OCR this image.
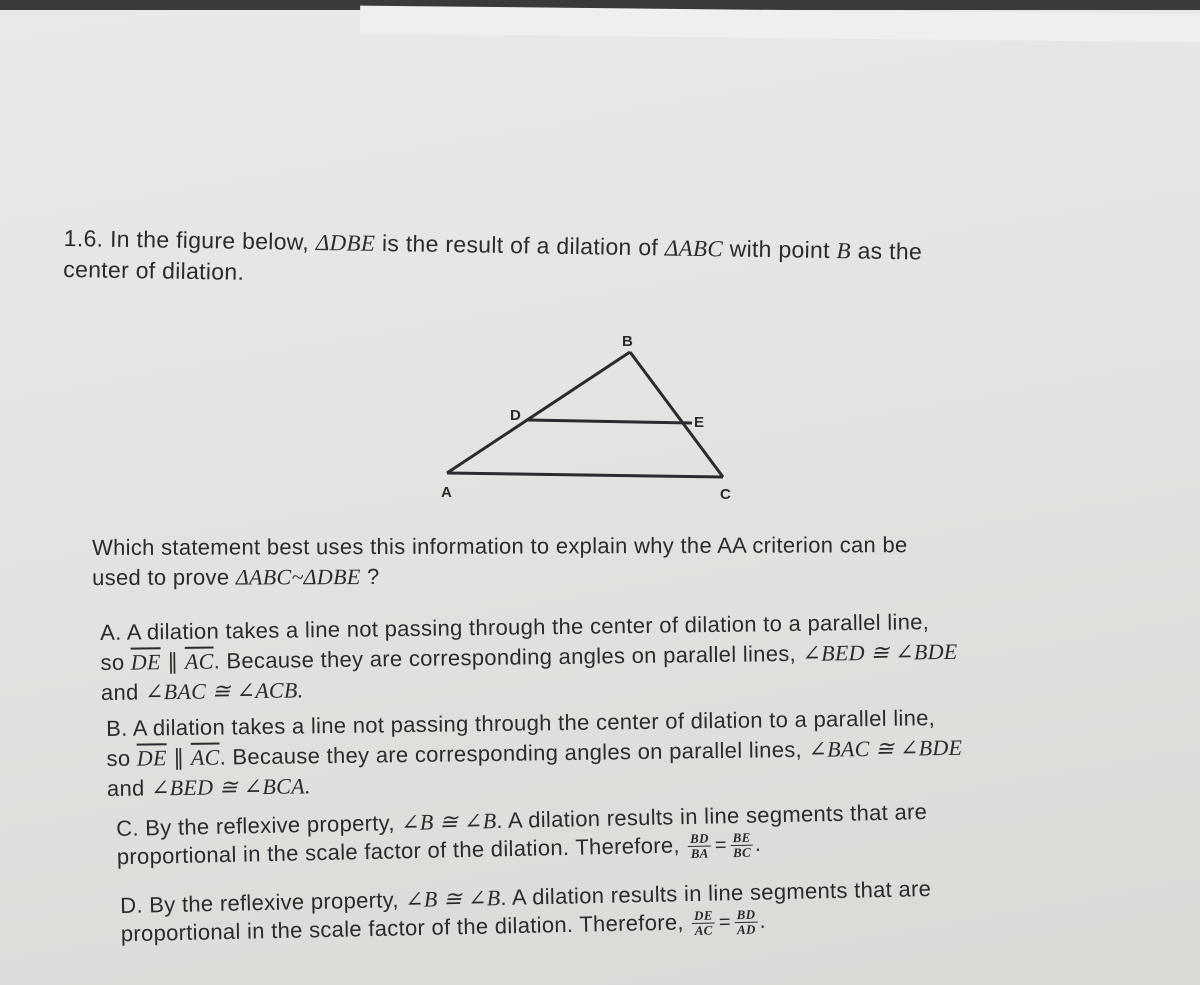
1.6. In the figure below, ΔDBE is the result of a dilation of ΔABC with point B as the
center of dilation.
B
D	E
A	C
Which statement best uses this information to explain why the AA criterion can be
used to prove ΔABC~ΔDBE ?
A. A dilation takes a line not passing through the center of dilation to a parallel line,
so $\overline{DE}$ ∥ $\overline{AC}$. Because they are corresponding angles on parallel lines, ∠BED ≅ ∠BDE
and ∠BAC ≅ ∠ACB.
B. A dilation takes a line not passing through the center of dilation to a parallel line,
so $\overline{DE}$ ∥ $\overline{AC}$. Because they are corresponding angles on parallel lines, ∠BAC ≅ ∠BDE
and ∠BED ≅ ∠BCA.
C. By the reflexive property, ∠B ≅ ∠B. A dilation results in line segments that are
proportional in the scale factor of the dilation. Therefore, $\frac{BD}{BA} = \frac{BE}{BC}$ .
D. By the reflexive property, ∠B ≅ ∠B. A dilation results in line segments that are
proportional in the scale factor of the dilation. Therefore, $\frac{DE}{AC} = \frac{BD}{AD}$ .
